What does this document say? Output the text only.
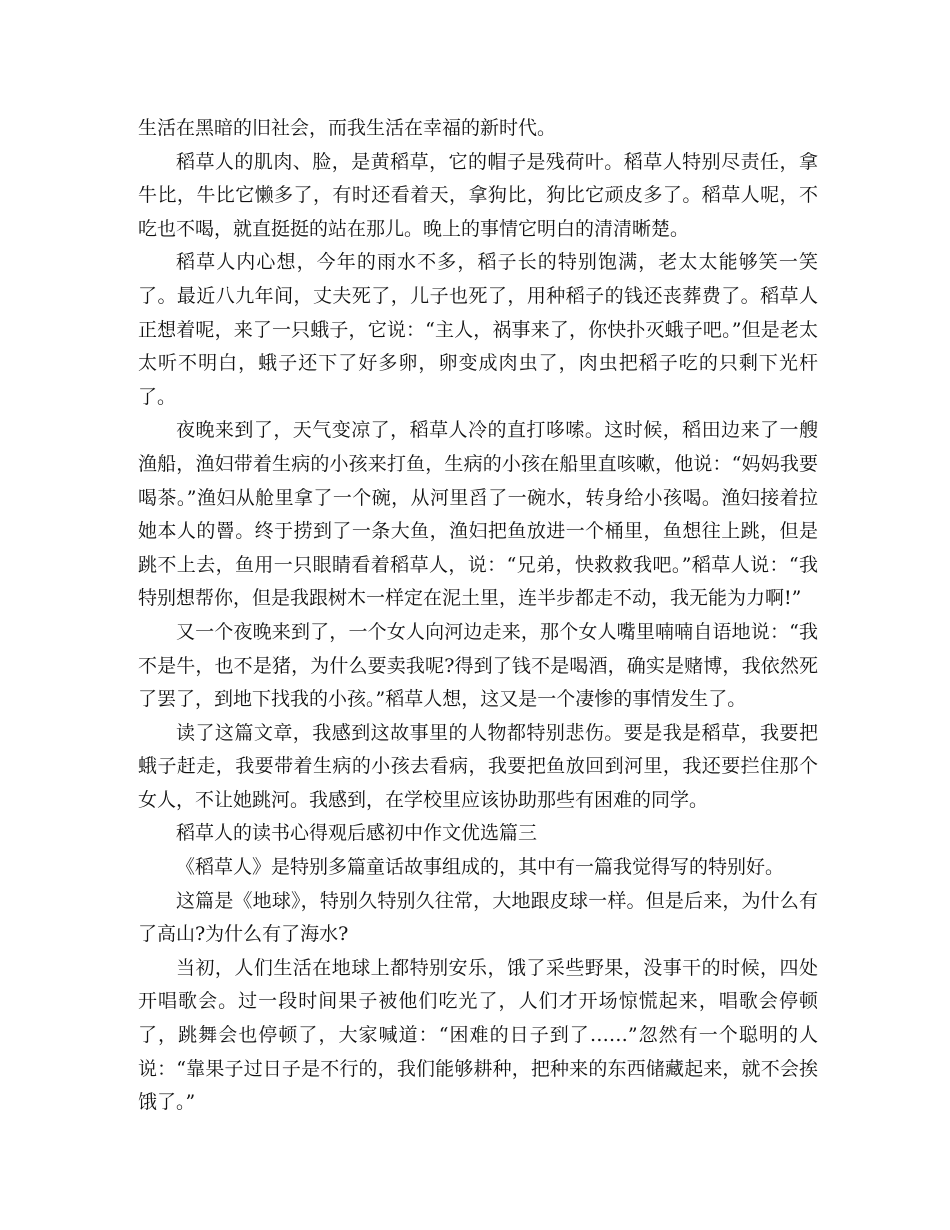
生活在黑暗的旧社会，而我生活在幸福的新时代。

稻草人的肌肉、脸，是黄稻草，它的帽子是残荷叶。稻草人特别尽责任，拿牛比，牛比它懒多了，有时还看着天，拿狗比，狗比它顽皮多了。稻草人呢，不吃也不喝，就直挺挺的站在那儿。晚上的事情它明白的清清晰楚。

稻草人内心想，今年的雨水不多，稻子长的特别饱满，老太太能够笑一笑了。最近八九年间，丈夫死了，儿子也死了，用种稻子的钱还丧葬费了。稻草人正想着呢，来了一只蛾子，它说：“主人，祸事来了，你快扑灭蛾子吧。”但是老太太听不明白，蛾子还下了好多卵，卵变成肉虫了，肉虫把稻子吃的只剩下光杆了。

夜晚来到了，天气变凉了，稻草人冷的直打哆嗦。这时候，稻田边来了一艘渔船，渔妇带着生病的小孩来打鱼，生病的小孩在船里直咳嗽，他说：“妈妈我要喝茶。”渔妇从舱里拿了一个碗，从河里舀了一碗水，转身给小孩喝。渔妇接着拉她本人的罾。终于捞到了一条大鱼，渔妇把鱼放进一个桶里，鱼想往上跳，但是跳不上去，鱼用一只眼睛看着稻草人，说：“兄弟，快救救我吧。”稻草人说：“我特别想帮你，但是我跟树木一样定在泥土里，连半步都走不动，我无能为力啊!”

又一个夜晚来到了，一个女人向河边走来，那个女人嘴里喃喃自语地说：“我不是牛，也不是猪，为什么要卖我呢?得到了钱不是喝酒，确实是赌博，我依然死了罢了，到地下找我的小孩。”稻草人想，这又是一个凄惨的事情发生了。

读了这篇文章，我感到这故事里的人物都特别悲伤。要是我是稻草，我要把蛾子赶走，我要带着生病的小孩去看病，我要把鱼放回到河里，我还要拦住那个女人，不让她跳河。我感到，在学校里应该协助那些有困难的同学。

稻草人的读书心得观后感初中作文优选篇三

《稻草人》是特别多篇童话故事组成的，其中有一篇我觉得写的特别好。

这篇是《地球》，特别久特别久往常，大地跟皮球一样。但是后来，为什么有了高山?为什么有了海水?

当初，人们生活在地球上都特别安乐，饿了采些野果，没事干的时候，四处开唱歌会。过一段时间果子被他们吃光了，人们才开场惊慌起来，唱歌会停顿了，跳舞会也停顿了，大家喊道：“困难的日子到了……”忽然有一个聪明的人说：“靠果子过日子是不行的，我们能够耕种，把种来的东西储藏起来，就不会挨饿了。”
